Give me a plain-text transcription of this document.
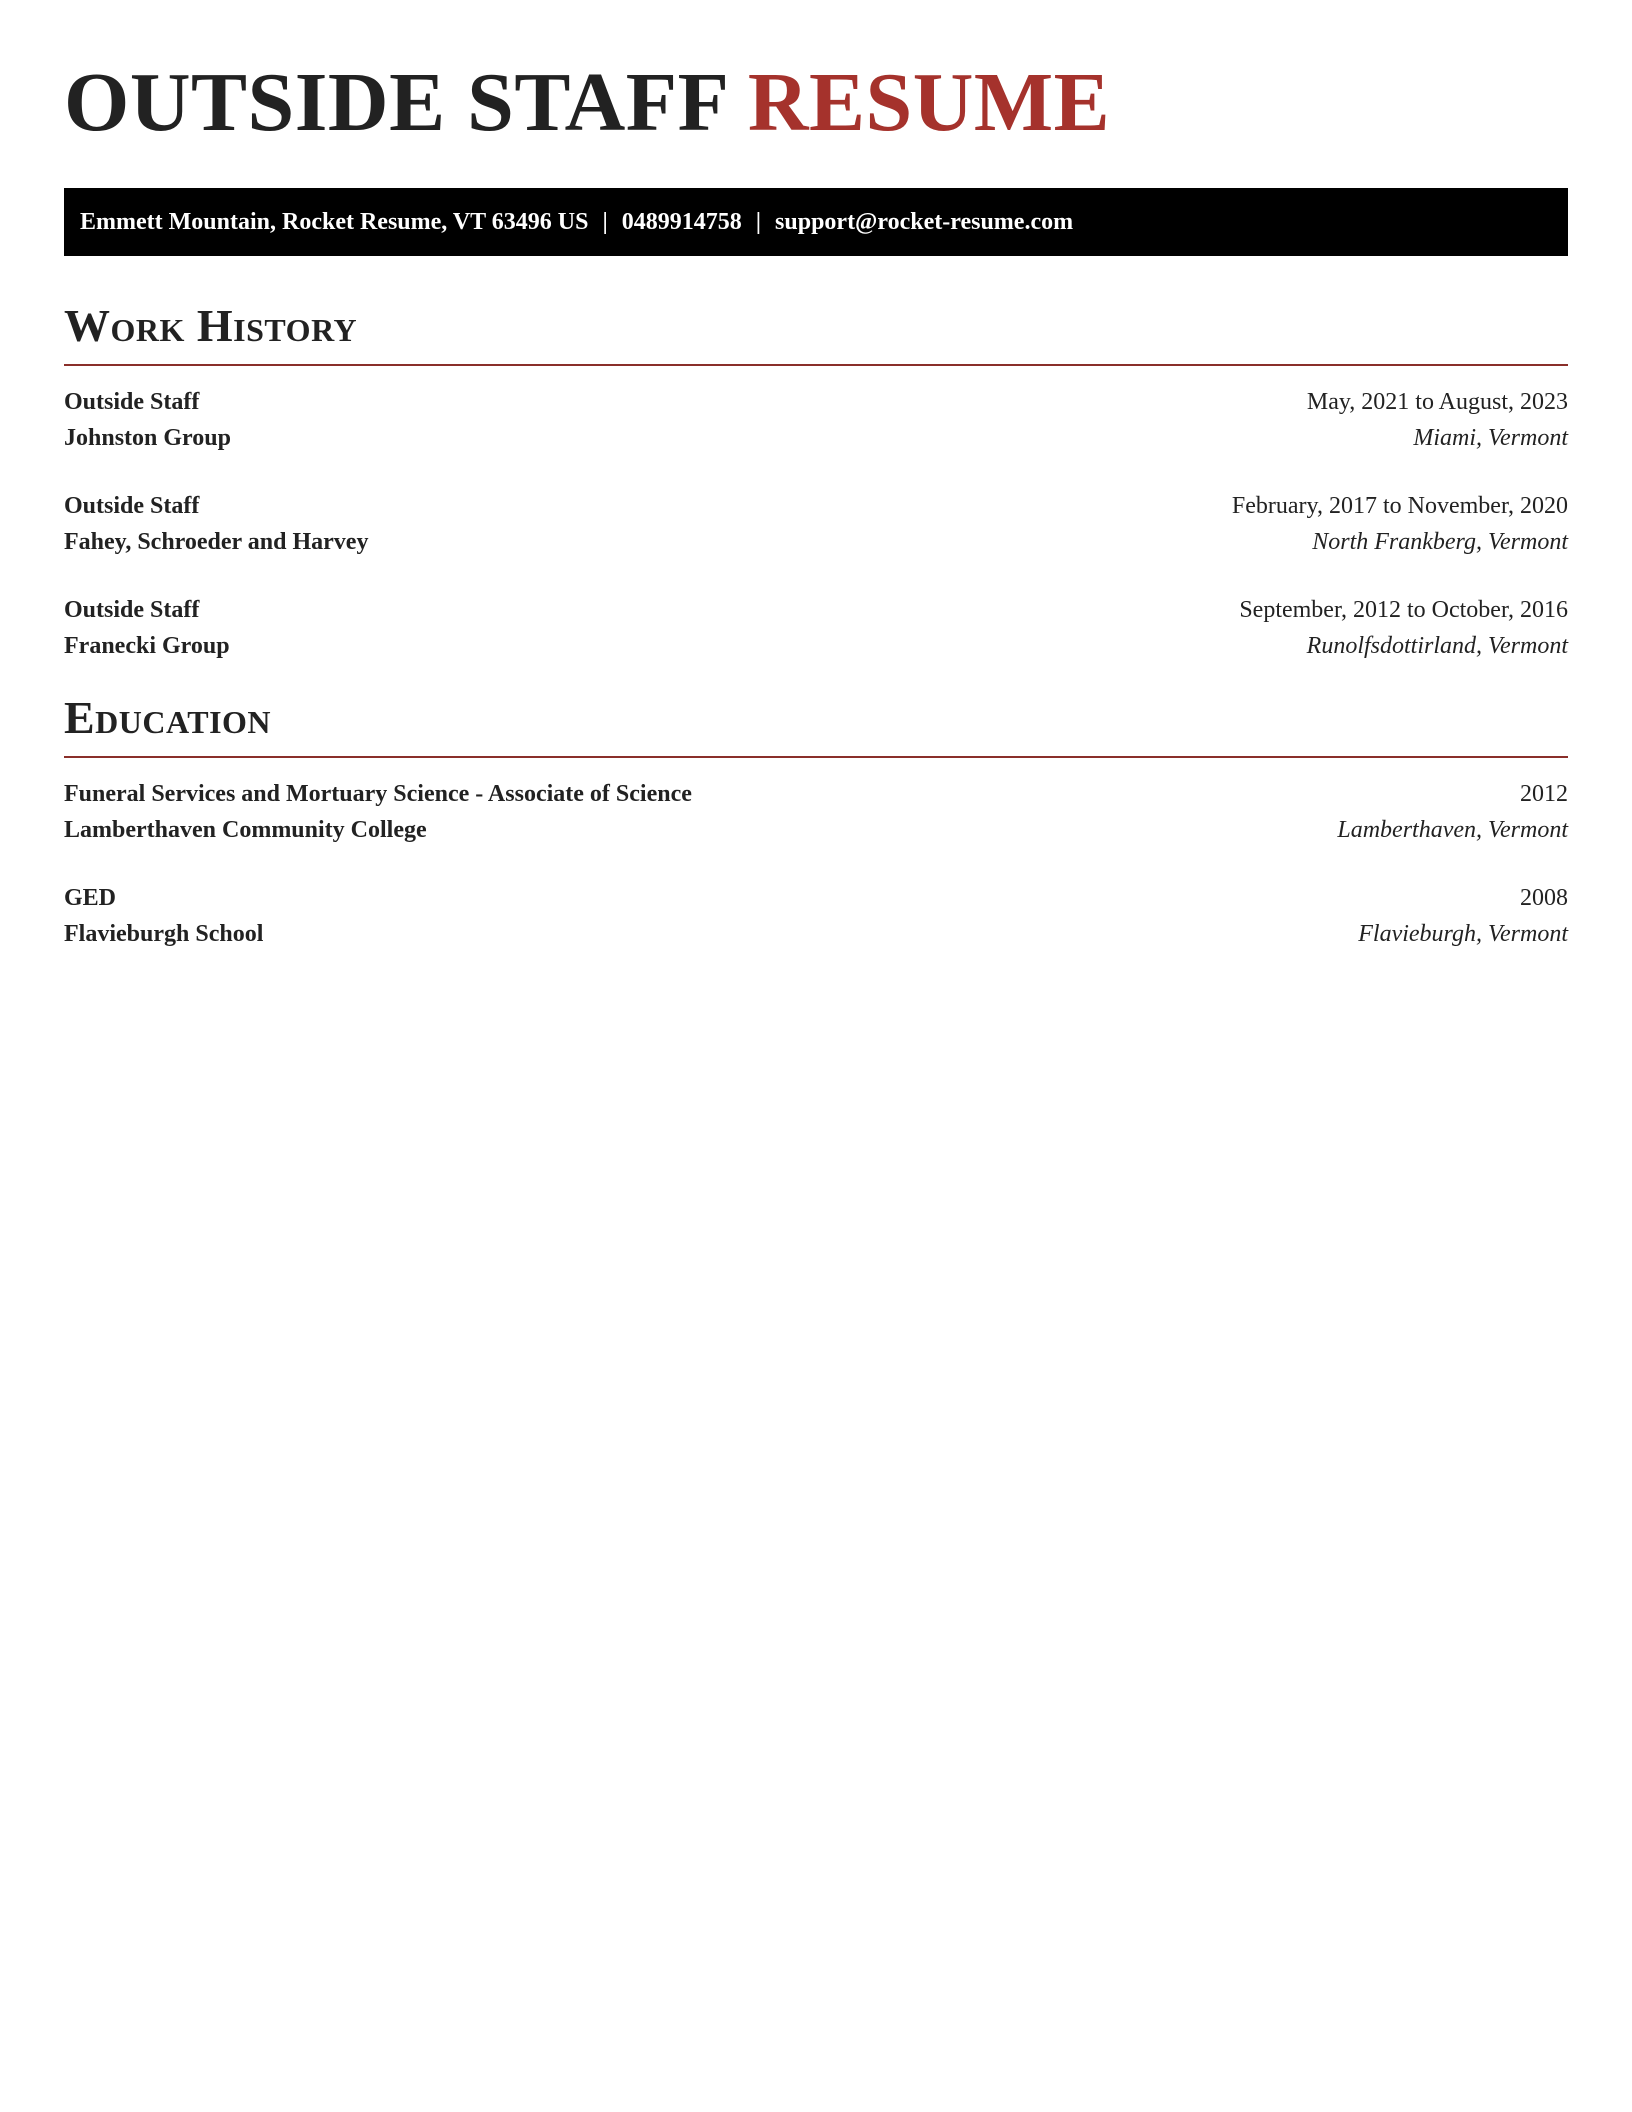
OUTSIDE STAFF RESUME
Emmett Mountain, Rocket Resume, VT 63496 US | 0489914758 | support@rocket-resume.com
Work History
Outside Staff	May, 2021 to August, 2023
Johnston Group	Miami, Vermont
Outside Staff	February, 2017 to November, 2020
Fahey, Schroeder and Harvey	North Frankberg, Vermont
Outside Staff	September, 2012 to October, 2016
Franecki Group	Runolfsdottirland, Vermont
Education
Funeral Services and Mortuary Science - Associate of Science	2012
Lamberthaven Community College	Lamberthaven, Vermont
GED	2008
Flavieburgh School	Flavieburgh, Vermont
